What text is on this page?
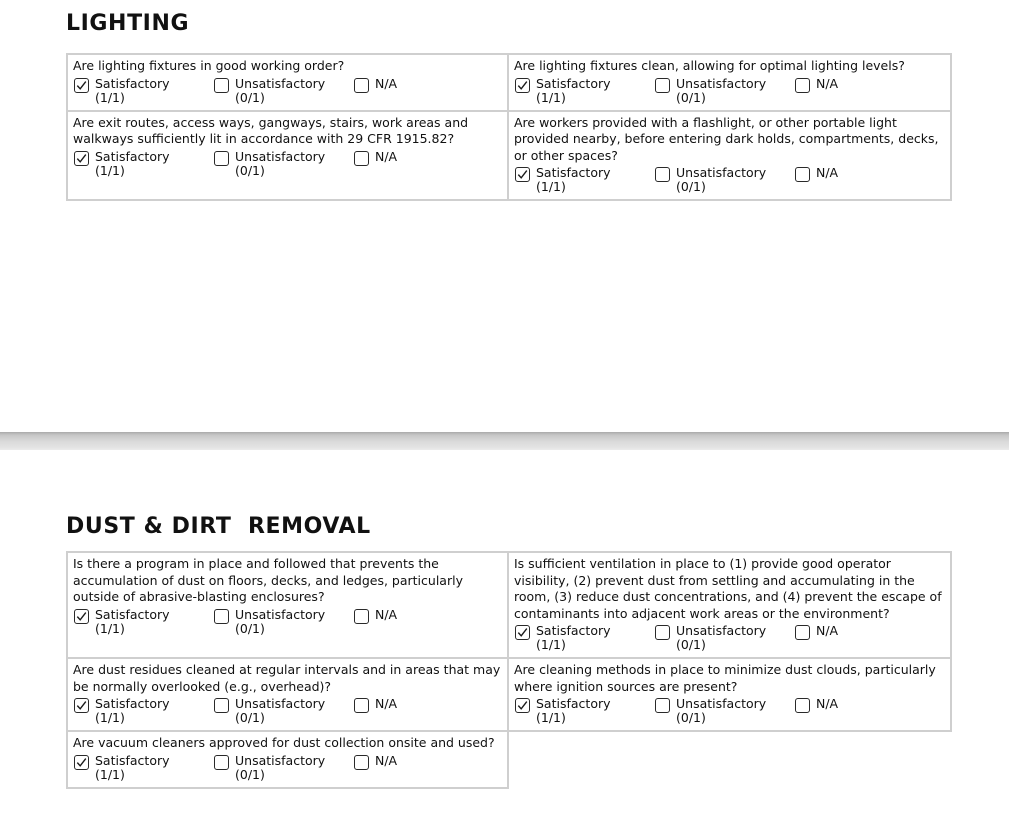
LIGHTING
Are lighting fixtures in good working order?
Satisfactory
(1/1)
Unsatisfactory
(0/1)
N/A
Are lighting fixtures clean, allowing for optimal lighting levels?
Satisfactory
(1/1)
Unsatisfactory
(0/1)
N/A
Are exit routes, access ways, gangways, stairs, work areas and walkways sufficiently lit in accordance with 29 CFR 1915.82?
Satisfactory
(1/1)
Unsatisfactory
(0/1)
N/A
Are workers provided with a flashlight, or other portable light provided nearby, before entering dark holds, compartments, decks, or other spaces?
Satisfactory
(1/1)
Unsatisfactory
(0/1)
N/A
DUST & DIRT  REMOVAL
Is there a program in place and followed that prevents the accumulation of dust on floors, decks, and ledges, particularly outside of abrasive-blasting enclosures?
Satisfactory
(1/1)
Unsatisfactory
(0/1)
N/A
Is sufficient ventilation in place to (1) provide good operator visibility, (2) prevent dust from settling and accumulating in the room, (3) reduce dust concentrations, and (4) prevent the escape of contaminants into adjacent work areas or the environment?
Satisfactory
(1/1)
Unsatisfactory
(0/1)
N/A
Are dust residues cleaned at regular intervals and in areas that may be normally overlooked (e.g., overhead)?
Satisfactory
(1/1)
Unsatisfactory
(0/1)
N/A
Are cleaning methods in place to minimize dust clouds, particularly where ignition sources are present?
Satisfactory
(1/1)
Unsatisfactory
(0/1)
N/A
Are vacuum cleaners approved for dust collection onsite and used?
Satisfactory
(1/1)
Unsatisfactory
(0/1)
N/A
